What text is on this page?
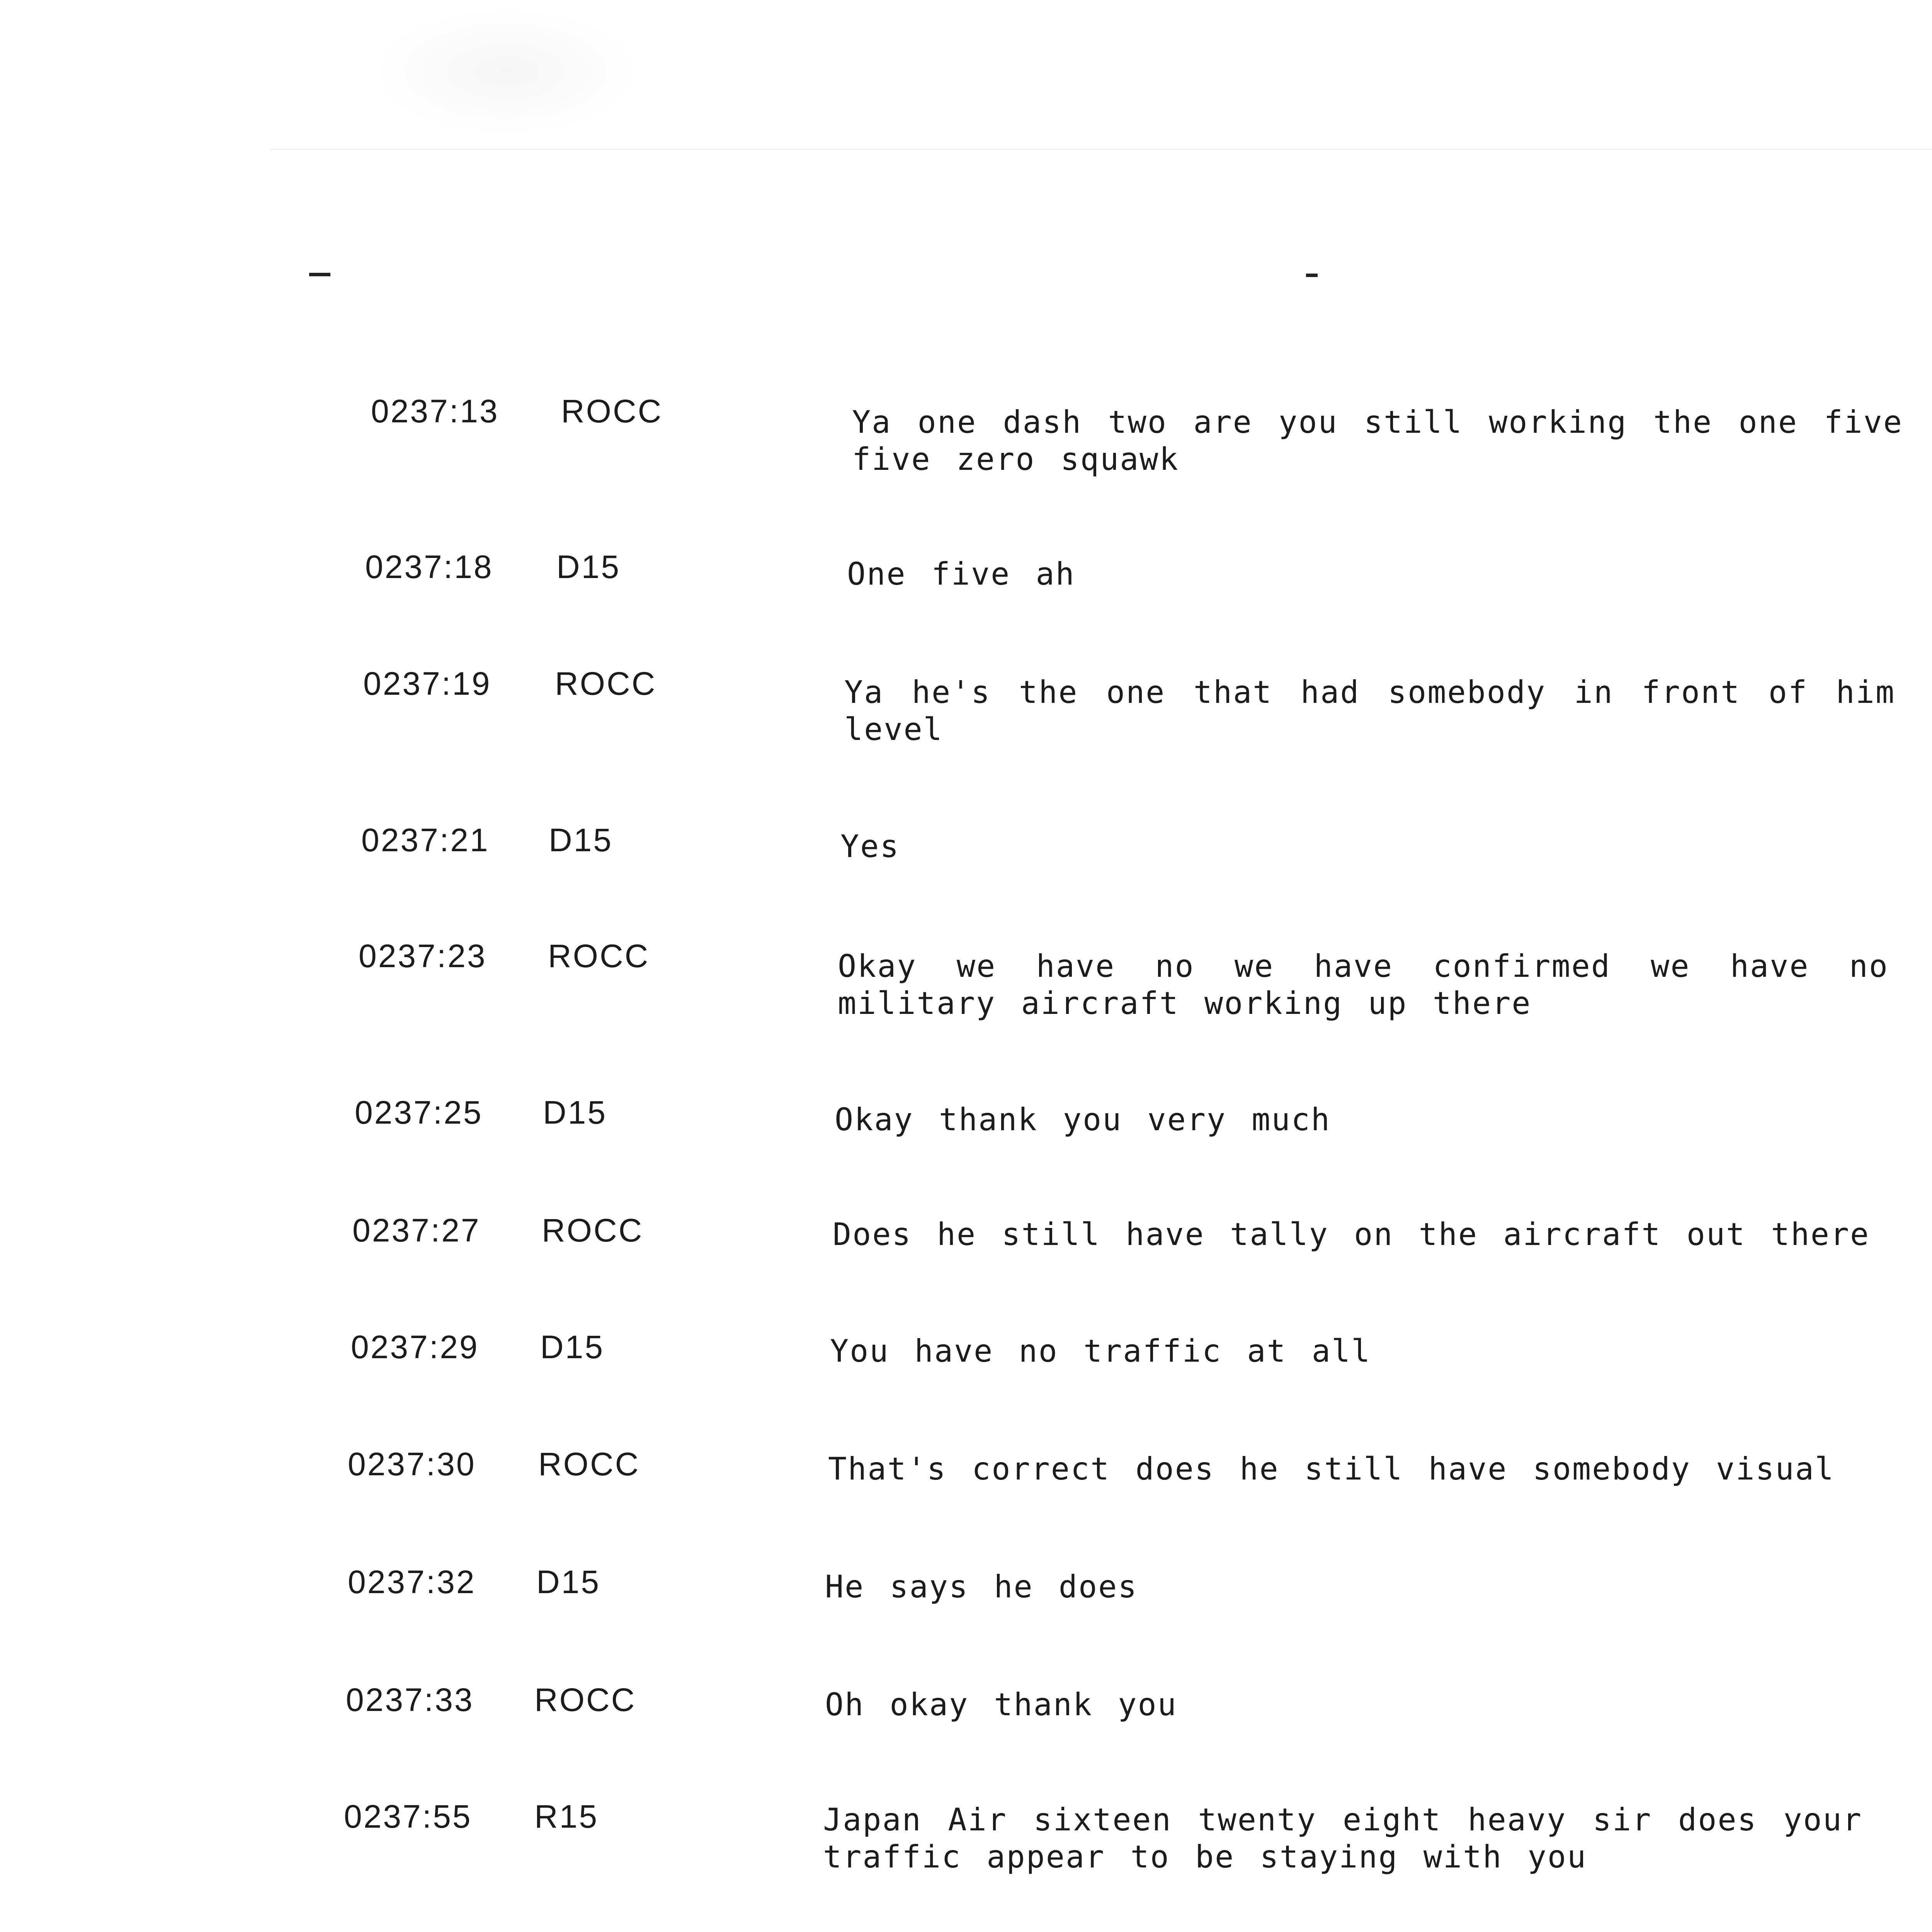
0237:13 ROCC	Ya one dash two are you still working the one five five zero squawk
0237:18 D15	One five ah
0237:19 ROCC	Ya he's the one that had somebody in front of him level
0237:21 D15	Yes
0237:23 ROCC	Okay we have no we have confirmed we have no military aircraft working up there
0237:25 D15	Okay thank you very much
0237:27 ROCC	Does he still have tally on the aircraft out there
0237:29 D15	You have no traffic at all
0237:30 ROCC	That's correct does he still have somebody visual
0237:32 D15	He says he does
0237:33 ROCC	Oh okay thank you
0237:55 R15	Japan Air sixteen twenty eight heavy sir does your traffic appear to be staying with you
